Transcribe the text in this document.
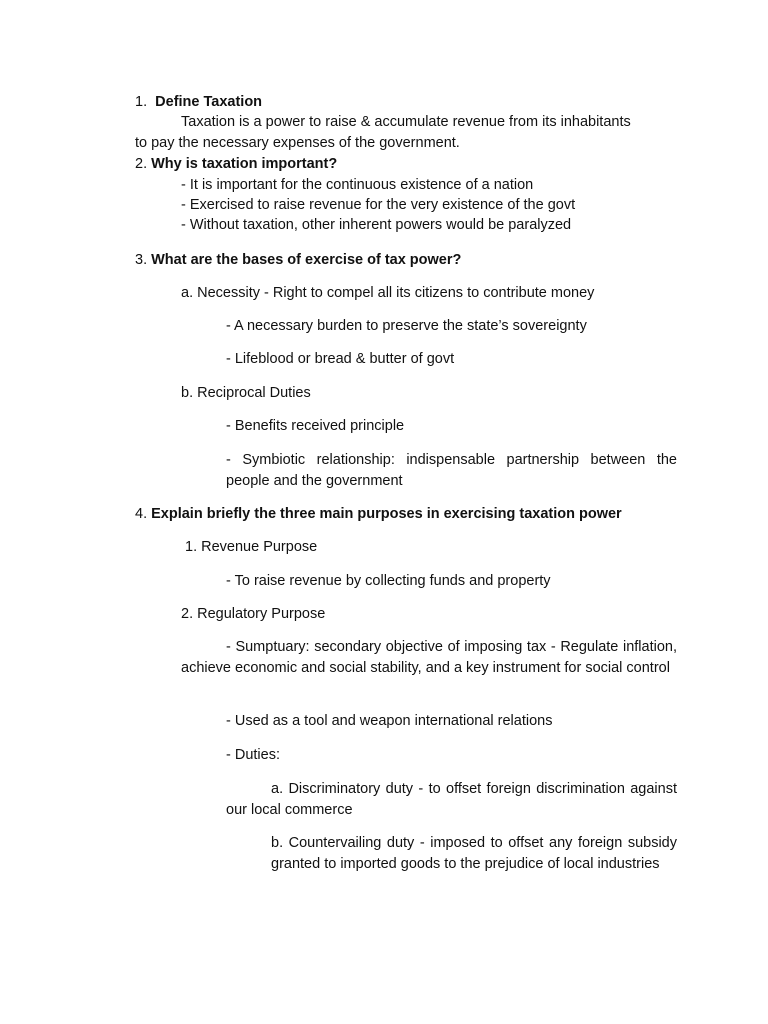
1. Define Taxation
Taxation is a power to raise & accumulate revenue from its inhabitants
to pay the necessary expenses of the government.
2. Why is taxation important?
- It is important for the continuous existence of a nation
- Exercised to raise revenue for the very existence of the govt
- Without taxation, other inherent powers would be paralyzed
3. What are the bases of exercise of tax power?
a. Necessity - Right to compel all its citizens to contribute money
- A necessary burden to preserve the state’s sovereignty
- Lifeblood or bread & butter of govt
b. Reciprocal Duties
- Benefits received principle
- Symbiotic relationship: indispensable partnership between the people and the government
4. Explain briefly the three main purposes in exercising taxation power
1. Revenue Purpose
- To raise revenue by collecting funds and property
2. Regulatory Purpose
- Sumptuary: secondary objective of imposing tax - Regulate inflation, achieve economic and social stability, and a key instrument for social control
- Used as a tool and weapon international relations
- Duties:
a. Discriminatory duty - to offset foreign discrimination against our local commerce
b. Countervailing duty - imposed to offset any foreign subsidy granted to imported goods to the prejudice of local industries
